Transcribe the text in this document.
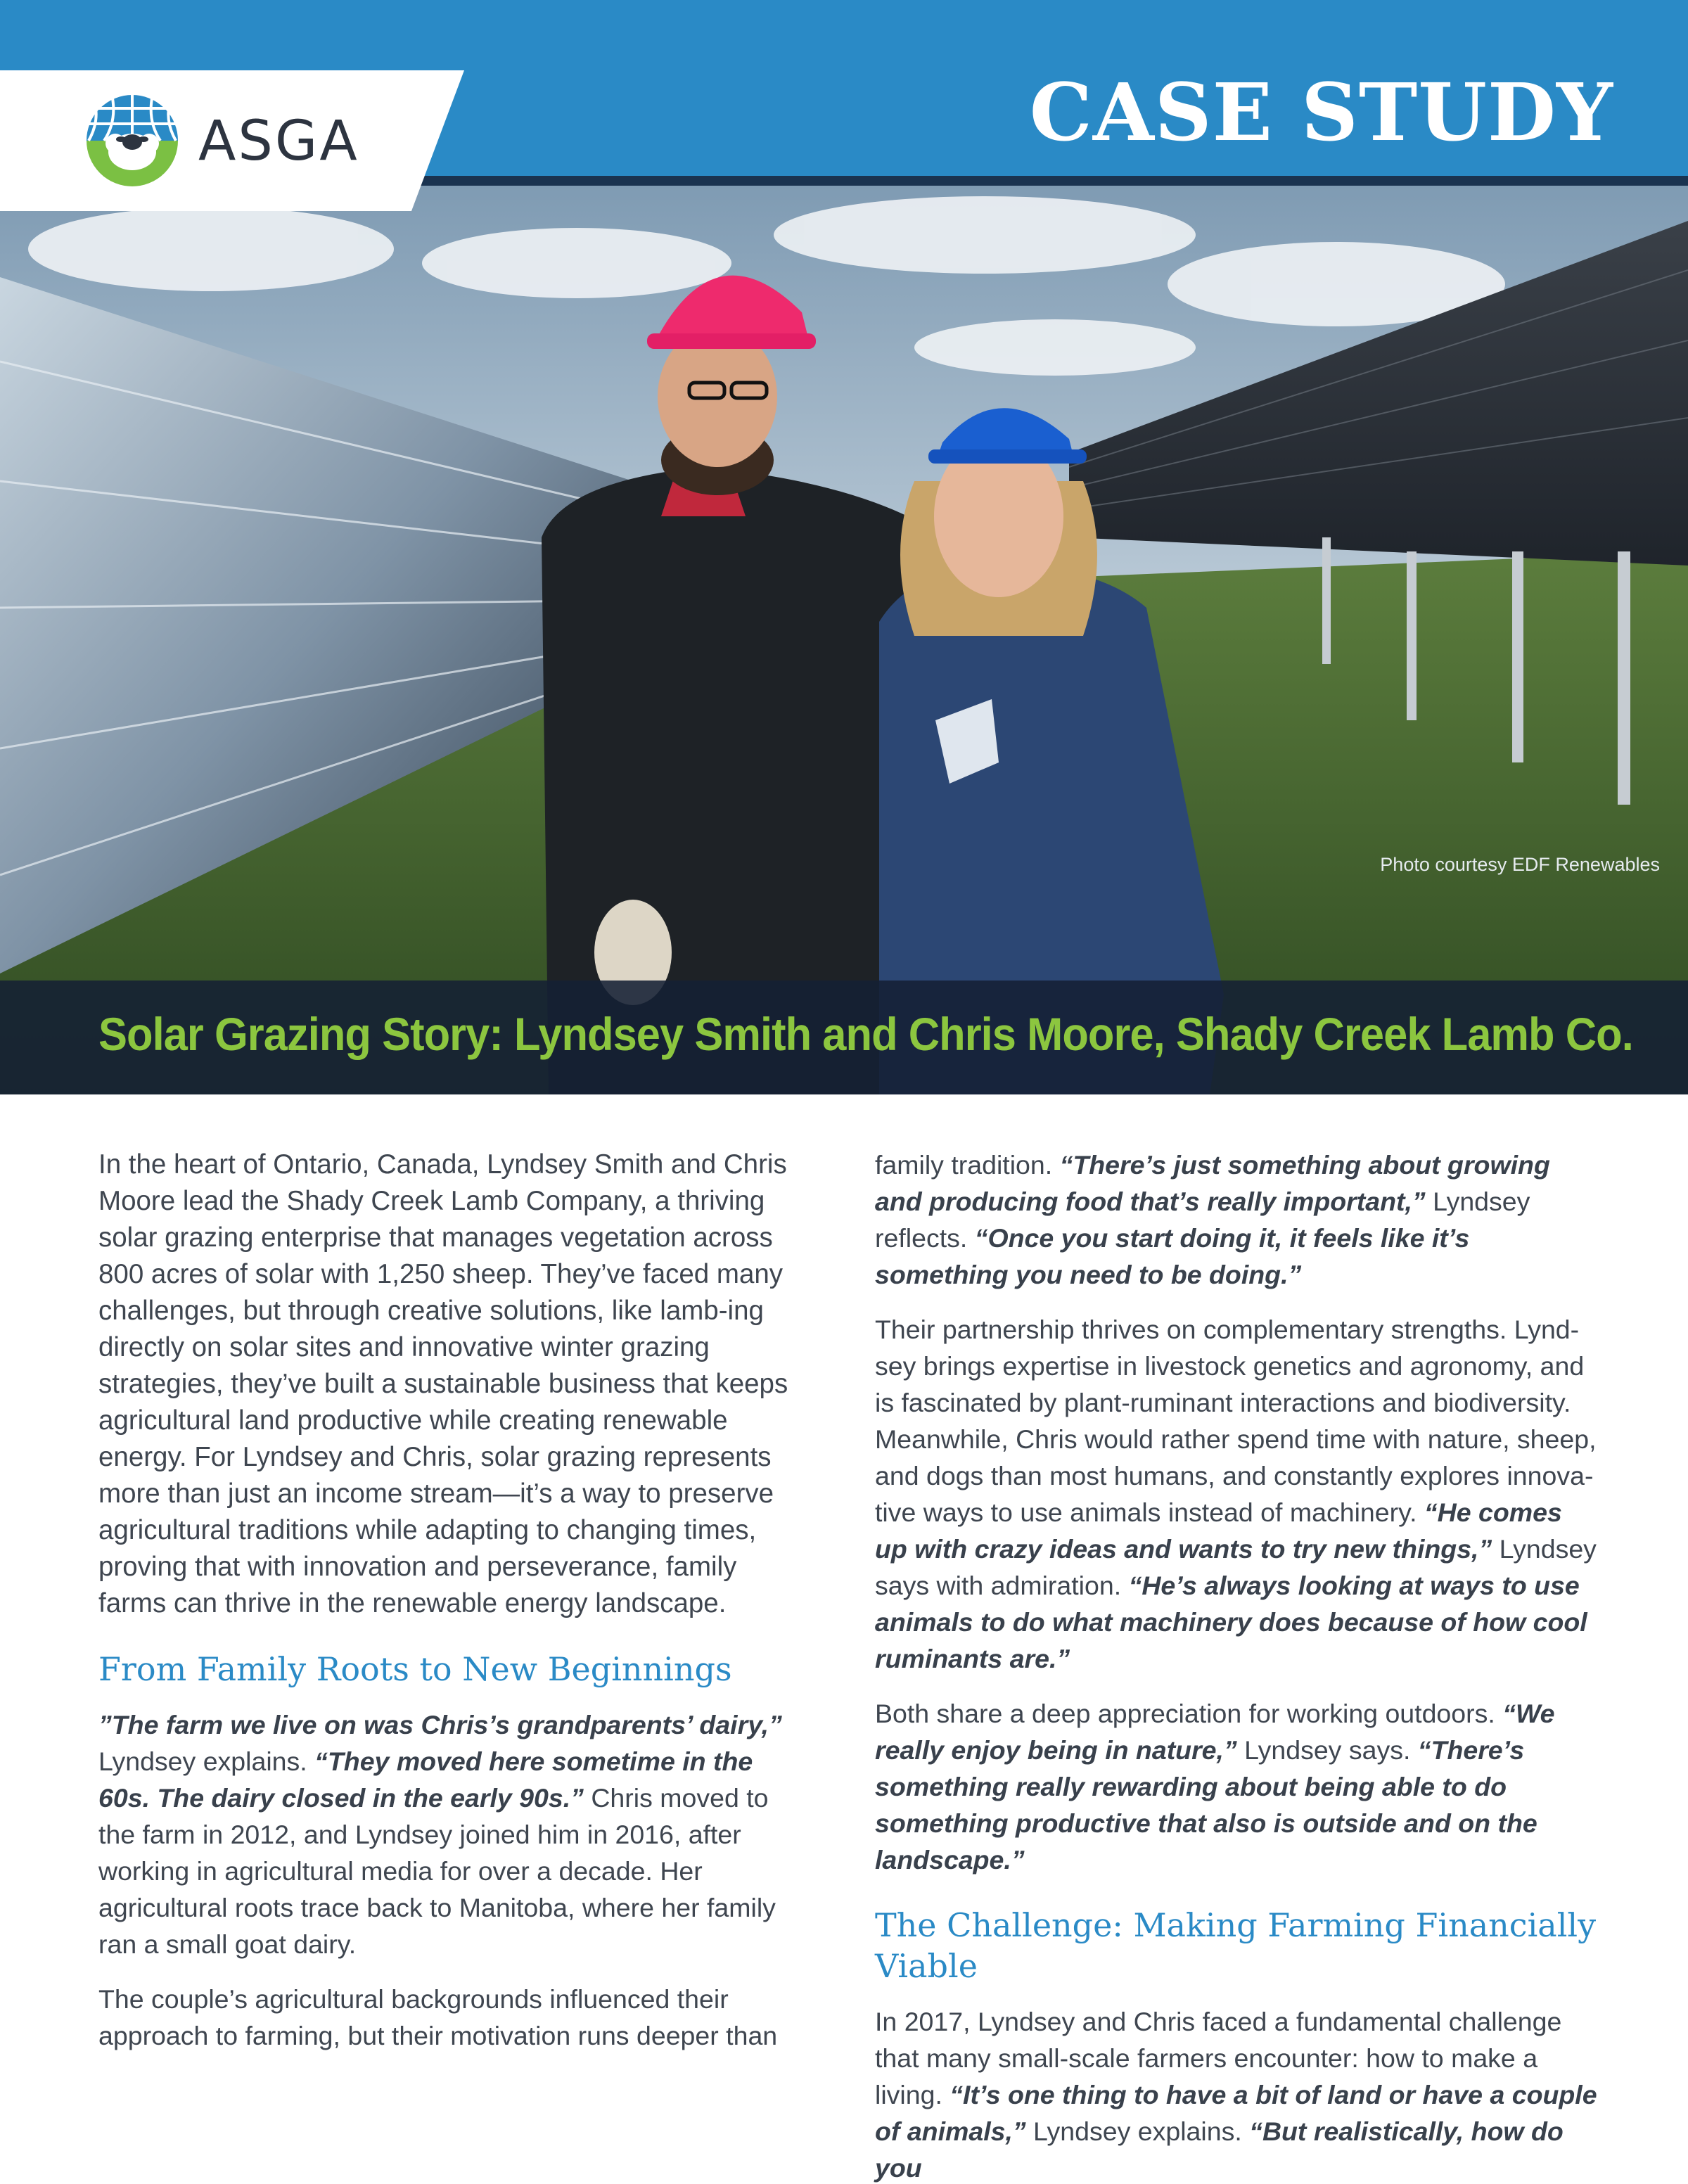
ASGA	CASE STUDY
Photo courtesy EDF Renewables
Solar Grazing Story: Lyndsey Smith and Chris Moore, Shady Creek Lamb Co.

In the heart of Ontario, Canada, Lyndsey Smith and Chris Moore lead the Shady Creek Lamb Company, a thriving solar grazing enterprise that manages vegetation across 800 acres of solar with 1,250 sheep. They’ve faced many challenges, but through creative solutions, like lamb-ing directly on solar sites and innovative winter grazing strategies, they’ve built a sustainable business that keeps agricultural land productive while creating renewable energy. For Lyndsey and Chris, solar grazing represents more than just an income stream—it’s a way to preserve agricultural traditions while adapting to changing times, proving that with innovation and perseverance, family farms can thrive in the renewable energy landscape.

From Family Roots to New Beginnings

”The farm we live on was Chris’s grandparents’ dairy,” Lyndsey explains. “They moved here sometime in the 60s. The dairy closed in the early 90s.” Chris moved to the farm in 2012, and Lyndsey joined him in 2016, after working in agricultural media for over a decade. Her agricultural roots trace back to Manitoba, where her family ran a small goat dairy.

The couple’s agricultural backgrounds influenced their approach to farming, but their motivation runs deeper than

family tradition. “There’s just something about growing and producing food that’s really important,” Lyndsey reflects. “Once you start doing it, it feels like it’s something you need to be doing.”

Their partnership thrives on complementary strengths. Lynd-sey brings expertise in livestock genetics and agronomy, and is fascinated by plant-ruminant interactions and biodiversity. Meanwhile, Chris would rather spend time with nature, sheep, and dogs than most humans, and constantly explores innova-tive ways to use animals instead of machinery. “He comes up with crazy ideas and wants to try new things,” Lyndsey says with admiration. “He’s always looking at ways to use animals to do what machinery does because of how cool ruminants are.”

Both share a deep appreciation for working outdoors. “We really enjoy being in nature,” Lyndsey says. “There’s something really rewarding about being able to do something productive that also is outside and on the landscape.”

The Challenge: Making Farming Financially Viable

In 2017, Lyndsey and Chris faced a fundamental challenge that many small-scale farmers encounter: how to make a living. “It’s one thing to have a bit of land or have a couple of animals,” Lyndsey explains. “But realistically, how do you
